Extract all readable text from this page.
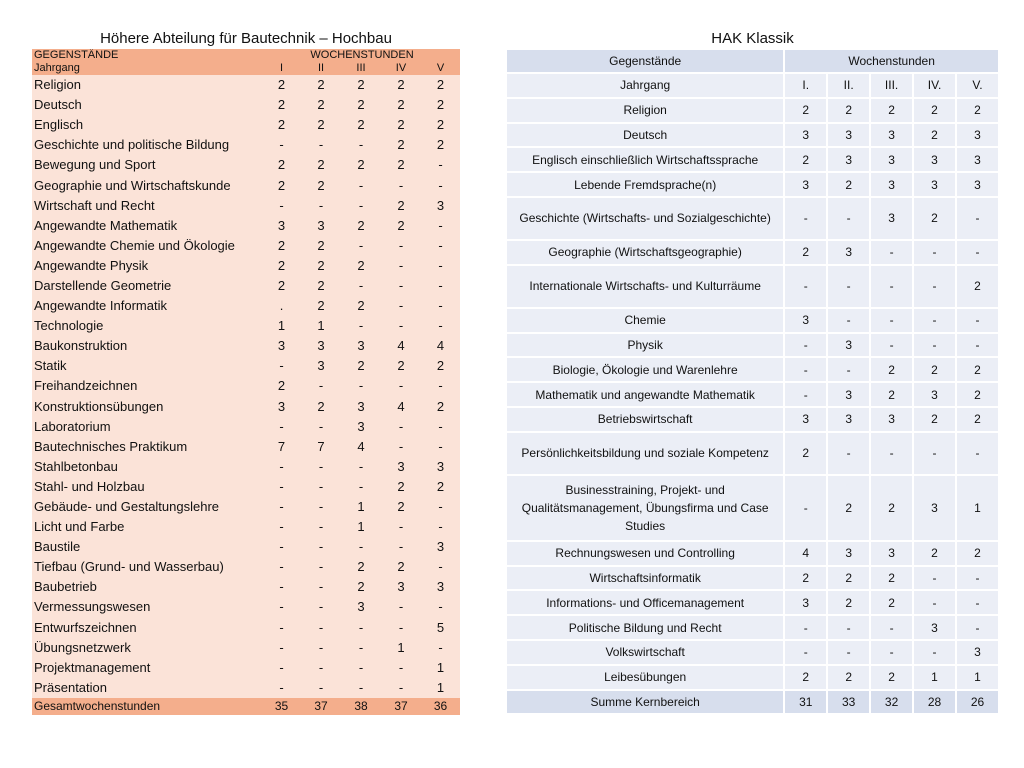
Höhere Abteilung für Bautechnik – Hochbau	HAK Klassik
GEGENSTÄNDE	WOCHENSTUNDEN				
Jahrgang	I	II	III	IV	V
Religion	2	2	2	2	2
Deutsch	2	2	2	2	2
Englisch	2	2	2	2	2
Geschichte und politische Bildung	-	-	-	2	2
Bewegung und Sport	2	2	2	2	-
Geographie und Wirtschaftskunde	2	2	-	-	-
Wirtschaft und Recht	-	-	-	2	3
Angewandte Mathematik	3	3	2	2	-
Angewandte Chemie und Ökologie	2	2	-	-	-
Angewandte Physik	2	2	2	-	-
Darstellende Geometrie	2	2	-	-	-
Angewandte Informatik	.	2	2	-	-
Technologie	1	1	-	-	-
Baukonstruktion	3	3	3	4	4
Statik	-	3	2	2	2
Freihandzeichnen	2	-	-	-	-
Konstruktionsübungen	3	2	3	4	2
Laboratorium	-	-	3	-	-
Bautechnisches Praktikum	7	7	4	-	-
Stahlbetonbau	-	-	-	3	3
Stahl- und Holzbau	-	-	-	2	2
Gebäude- und Gestaltungslehre	-	-	1	2	-
Licht und Farbe	-	-	1	-	-
Baustile	-	-	-	-	3
Tiefbau (Grund- und Wasserbau)	-	-	2	2	-
Baubetrieb	-	-	2	3	3
Vermessungswesen	-	-	3	-	-
Entwurfszeichnen	-	-	-	-	5
Übungsnetzwerk	-	-	-	1	-
Projektmanagement	-	-	-	-	1
Präsentation	-	-	-	-	1
Gesamtwochenstunden	35	37	38	37	36
Gegenstände	Wochenstunden				
Jahrgang	I.	II.	III.	IV.	V.
Religion	2	2	2	2	2
Deutsch	3	3	3	2	3
Englisch einschließlich Wirtschaftssprache	2	3	3	3	3
Lebende Fremdsprache(n)	3	2	3	3	3
Geschichte (Wirtschafts- und Sozialgeschichte)	-	-	3	2	-
Geographie (Wirtschaftsgeographie)	2	3	-	-	-
Internationale Wirtschafts- und Kulturräume	-	-	-	-	2
Chemie	3	-	-	-	-
Physik	-	3	-	-	-
Biologie, Ökologie und Warenlehre	-	-	2	2	2
Mathematik und angewandte Mathematik	-	3	2	3	2
Betriebswirtschaft	3	3	3	2	2
Persönlichkeitsbildung und soziale Kompetenz	2	-	-	-	-
Businesstraining, Projekt- und Qualitätsmanagement, Übungsfirma und Case Studies	-	2	2	3	1
Rechnungswesen und Controlling	4	3	3	2	2
Wirtschaftsinformatik	2	2	2	-	-
Informations- und Officemanagement	3	2	2	-	-
Politische Bildung und Recht	-	-	-	3	-
Volkswirtschaft	-	-	-	-	3
Leibesübungen	2	2	2	1	1
Summe Kernbereich	31	33	32	28	26
